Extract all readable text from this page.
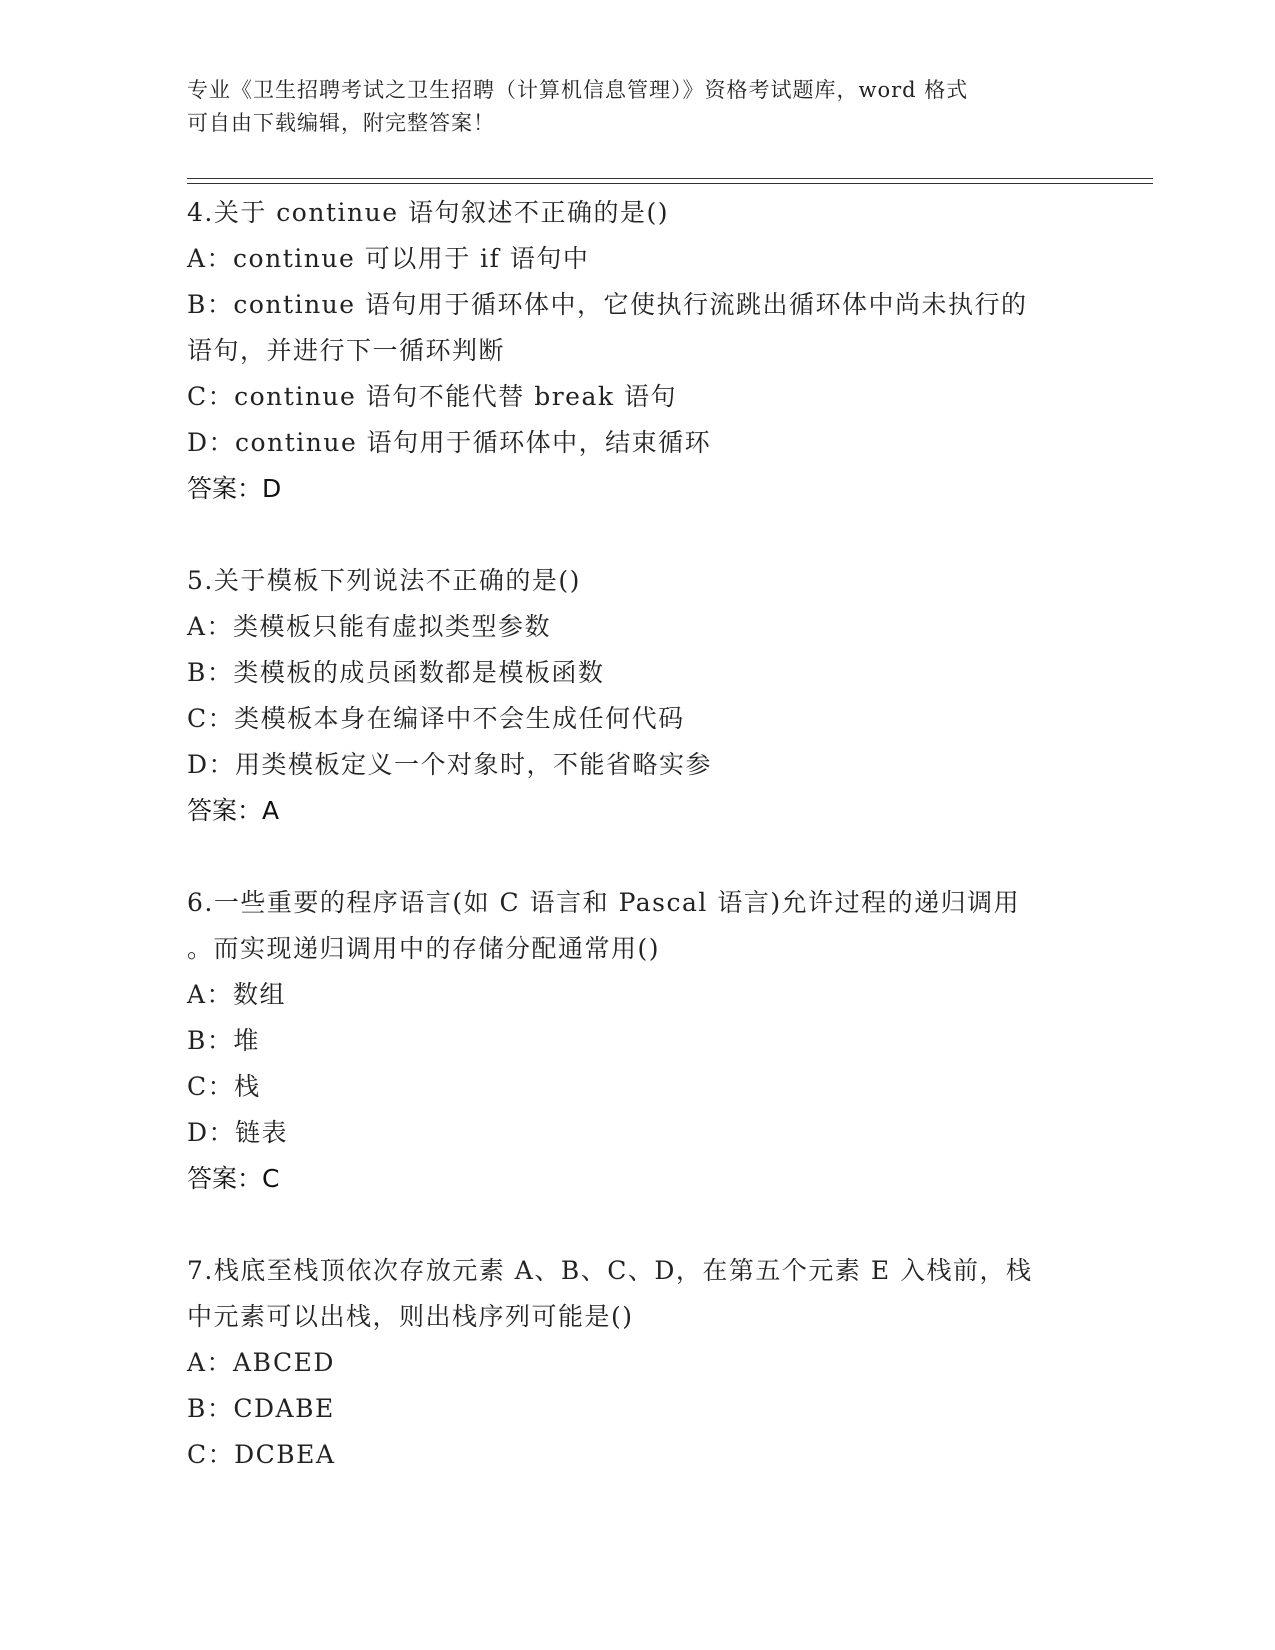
专业《卫生招聘考试之卫生招聘（计算机信息管理）》资格考试题库，word 格式
可自由下载编辑，附完整答案！
4.关于 continue 语句叙述不正确的是()
A：continue 可以用于 if 语句中
B：continue 语句用于循环体中，它使执行流跳出循环体中尚未执行的
语句，并进行下一循环判断
C：continue 语句不能代替 break 语句
D：continue 语句用于循环体中，结束循环
答案：D
5.关于模板下列说法不正确的是()
A：类模板只能有虚拟类型参数
B：类模板的成员函数都是模板函数
C：类模板本身在编译中不会生成任何代码
D：用类模板定义一个对象时，不能省略实参
答案：A
6.一些重要的程序语言(如 C 语言和 Pascal 语言)允许过程的递归调用
。而实现递归调用中的存储分配通常用()
A：数组
B：堆
C：栈
D：链表
答案：C
7.栈底至栈顶依次存放元素 A、B、C、D，在第五个元素 E 入栈前，栈
中元素可以出栈，则出栈序列可能是()
A：ABCED
B：CDABE
C：DCBEA
